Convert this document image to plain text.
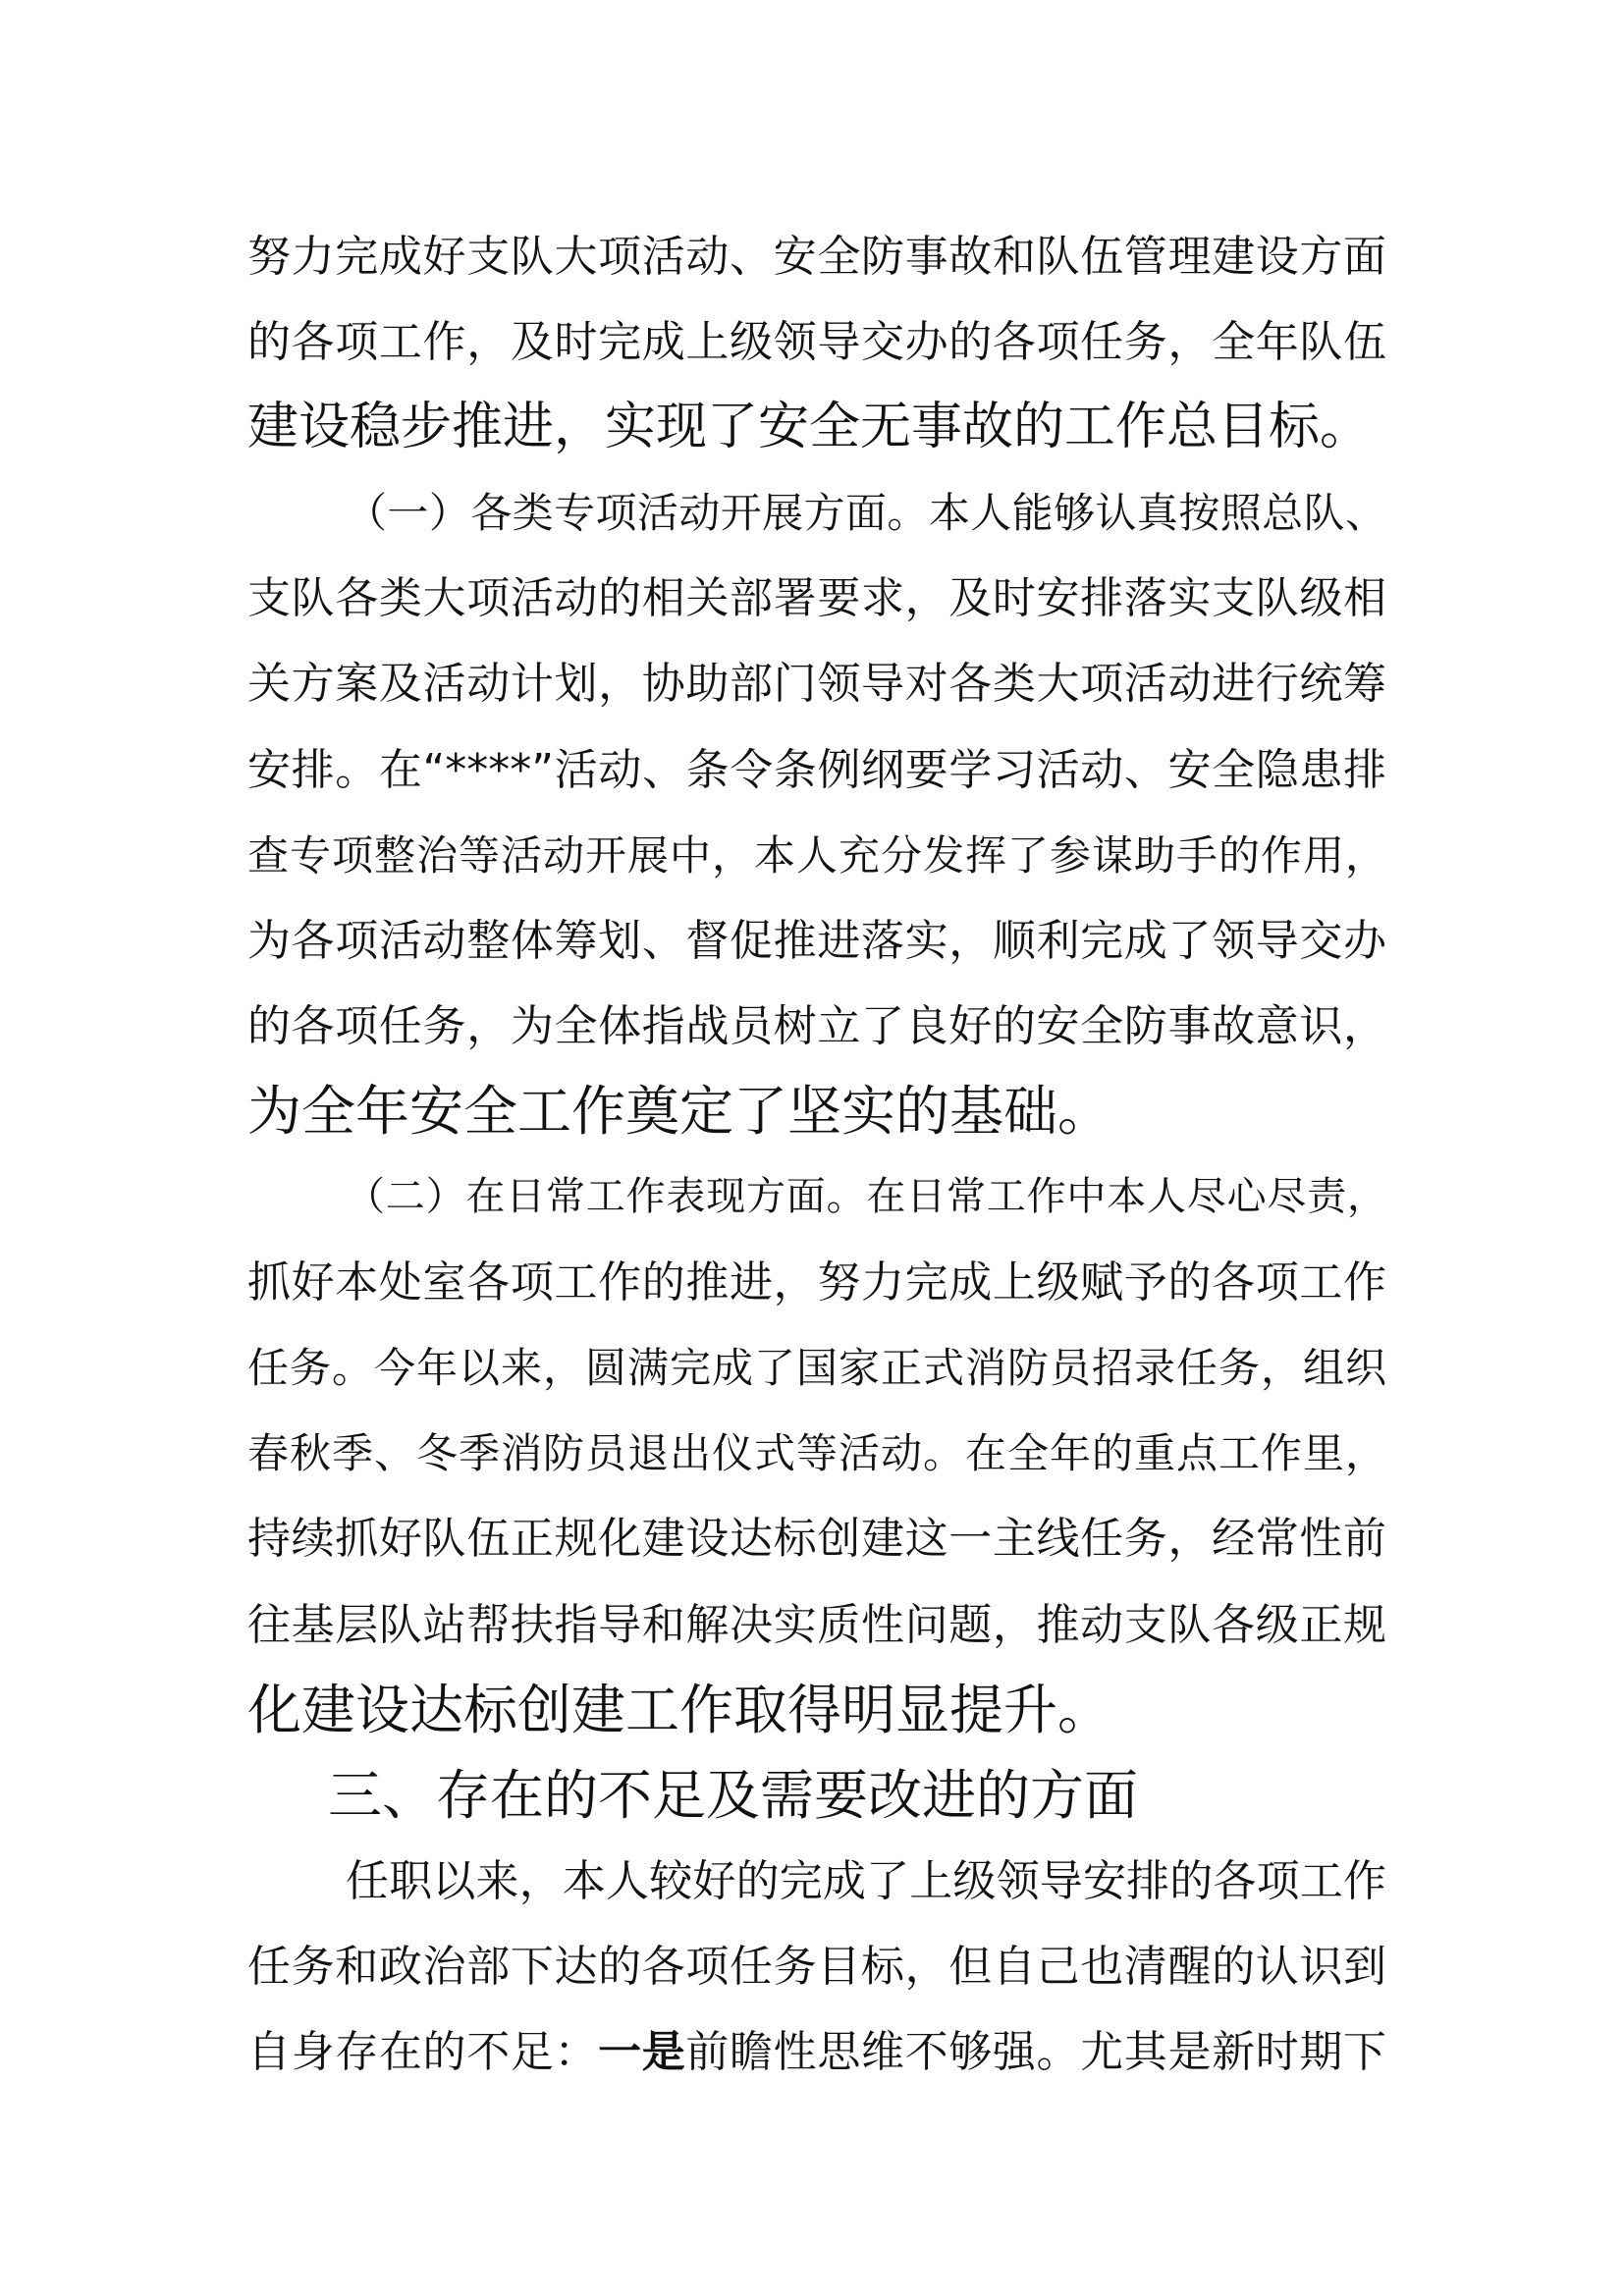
努力完成好支队大项活动、安全防事故和队伍管理建设方面
的各项工作，及时完成上级领导交办的各项任务，全年队伍
建设稳步推进，实现了安全无事故的工作总目标。
（一）各类专项活动开展方面。本人能够认真按照总队、
支队各类大项活动的相关部署要求，及时安排落实支队级相
关方案及活动计划，协助部门领导对各类大项活动进行统筹
安排。在“****”活动、条令条例纲要学习活动、安全隐患排
查专项整治等活动开展中，本人充分发挥了参谋助手的作用，
为各项活动整体筹划、督促推进落实，顺利完成了领导交办
的各项任务，为全体指战员树立了良好的安全防事故意识，
为全年安全工作奠定了坚实的基础。
（二）在日常工作表现方面。在日常工作中本人尽心尽责，
抓好本处室各项工作的推进，努力完成上级赋予的各项工作
任务。今年以来，圆满完成了国家正式消防员招录任务，组织
春秋季、冬季消防员退出仪式等活动。在全年的重点工作里，
持续抓好队伍正规化建设达标创建这一主线任务，经常性前
往基层队站帮扶指导和解决实质性问题，推动支队各级正规
化建设达标创建工作取得明显提升。
三、存在的不足及需要改进的方面
任职以来，本人较好的完成了上级领导安排的各项工作
任务和政治部下达的各项任务目标，但自己也清醒的认识到
自身存在的不足：一是前瞻性思维不够强。尤其是新时期下
